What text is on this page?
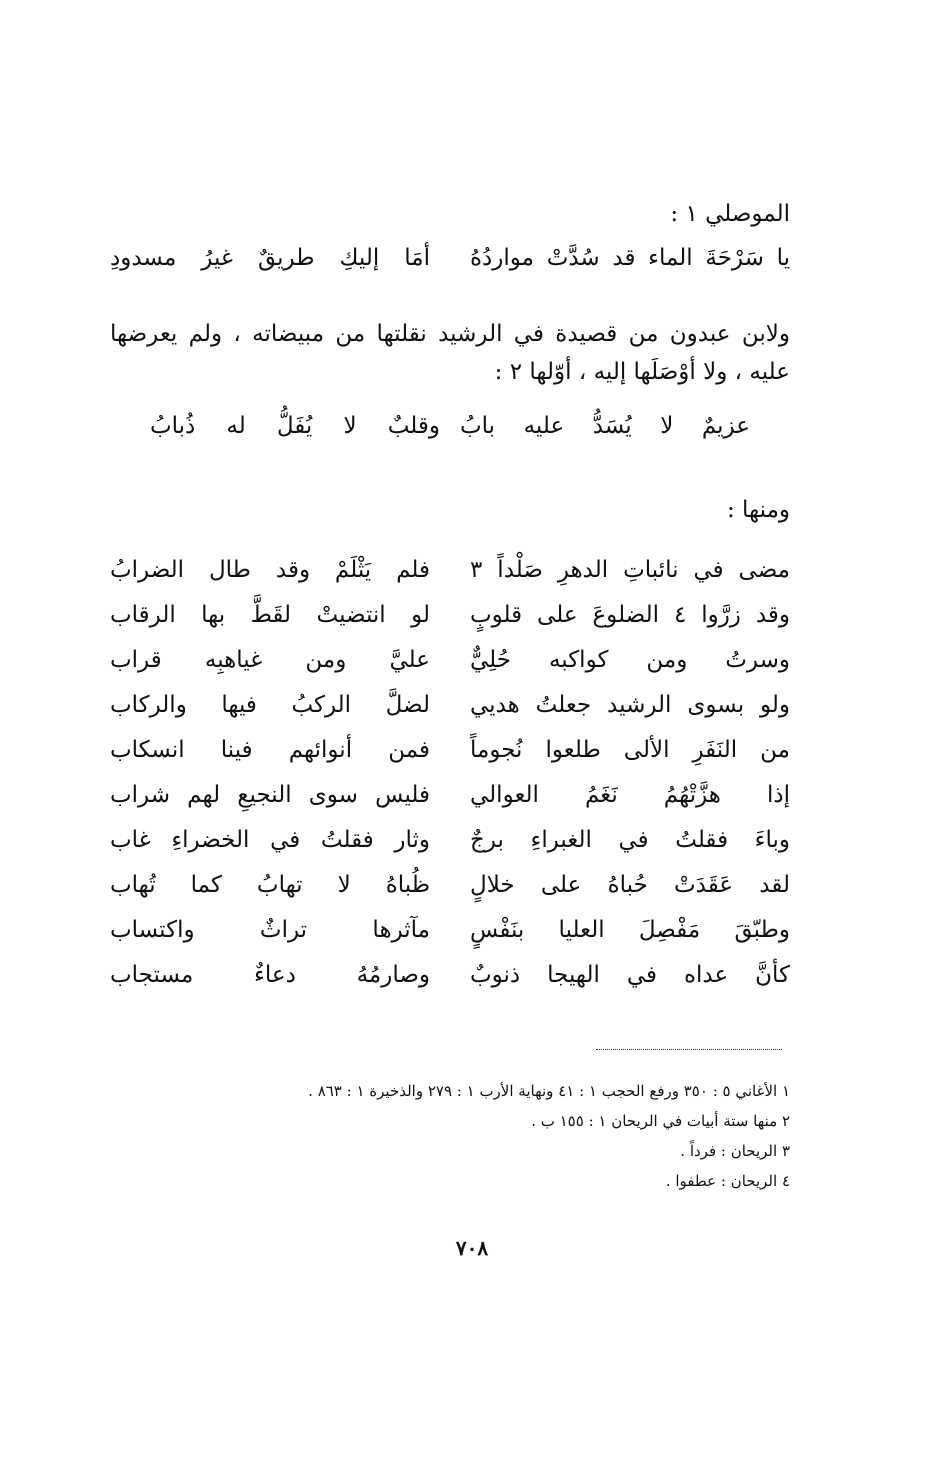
الموصلي ١ :
يا سَرْحَةَ الماء قد سُدَّتْ مواردُهُ
أمَا إليكِ طريقٌ غيرُ مسدودِ
ولابن عبدون من قصيدة في الرشيد نقلتها من مبيضاته ، ولم يعرضها
عليه ، ولا أوْصَلَها إليه ، أوّلها ٢ :
عزيمٌ لا يُسَدُّ عليه بابُ
وقلبٌ لا يُفَلُّ له ذُبابُ
ومنها :
مضى في نائباتِ الدهرِ صَلْداً ٣
فلم يَثْلَمْ وقد طال الضرابُ
وقد زرَّوا ٤ الضلوعَ على قلوبٍ
لو انتضيتْ لقَطَّ بها الرقاب
وسرتُ ومن كواكبه حُلِيٌّ
عليَّ ومن غياهبِه قراب
ولو بسوى الرشيد جعلتُ هديي
لضلَّ الركبُ فيها والركاب
من النَفَرِ الألى طلعوا نُجوماً
فمن أنوائهم فينا انسكاب
إذا هزَّتْهُمُ نَغَمُ العوالي
فليس سوى النجيعِ لهم شراب
وباءَ فقلتُ في الغبراءِ برجٌ
وثار فقلتُ في الخضراءِ غاب
لقد عَقَدَتْ حُباهُ على خلالٍ
ظُباهُ لا تهابُ كما تُهاب
وطبّقَ مَفْصِلَ العليا بنَفْسٍ
مآثرها تراثٌ واكتساب
كأنَّ عداه في الهيجا ذنوبٌ
وصارمُهُ دعاءٌ مستجاب
١ الأغاني ٥ : ٣٥٠ ورفع الحجب ١ : ٤١ ونهاية الأرب ١ : ٢٧٩ والذخيرة ١ : ٨٦٣ .
٢ منها ستة أبيات في الريحان ١ : ١٥٥ ب .
٣ الريحان : فرداً .
٤ الريحان : عطفوا .
٧٠٨
